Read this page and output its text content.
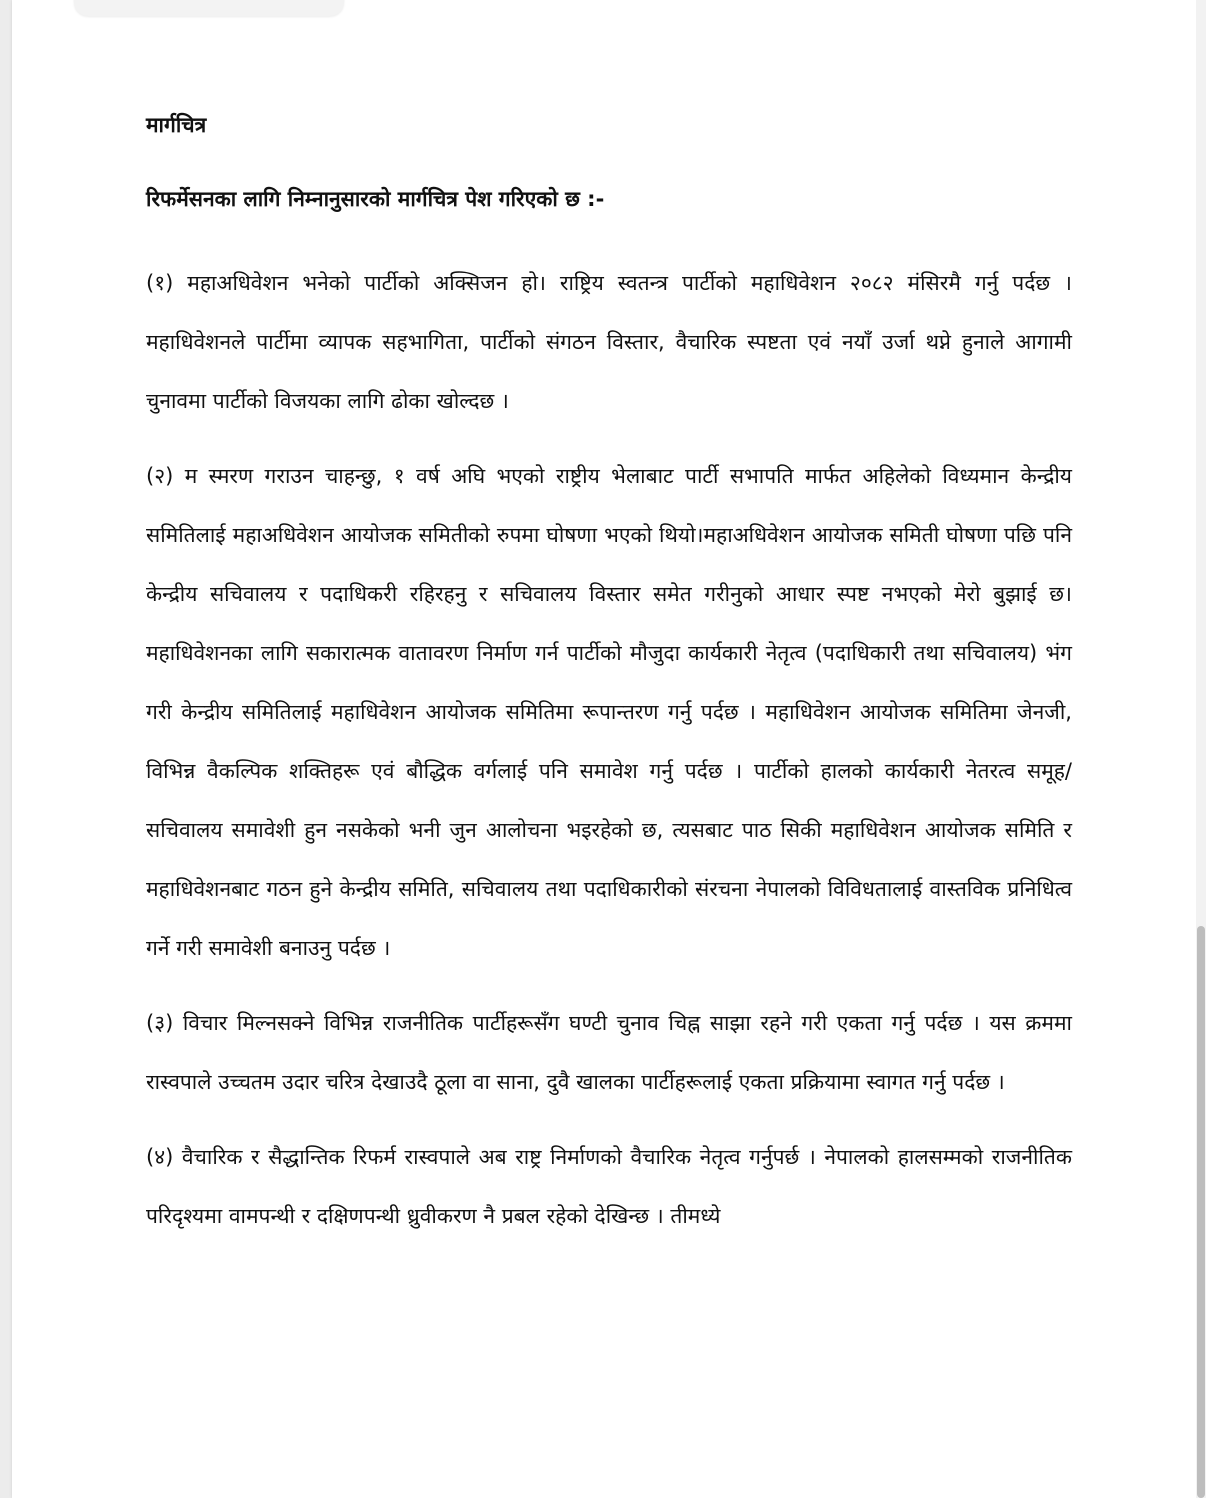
मार्गचित्र

रिफर्मेसनका लागि निम्नानुसारको मार्गचित्र पेश गरिएको छ :-

(१) महाअधिवेशन भनेको पार्टीको अक्सिजन हो। राष्ट्रिय स्वतन्त्र पार्टीको महाधिवेशन २०८२ मंसिरमै गर्नु पर्दछ । महाधिवेशनले पार्टीमा व्यापक सहभागिता, पार्टीको संगठन विस्तार, वैचारिक स्पष्टता एवं नयाँ उर्जा थप्ने हुनाले आगामी चुनावमा पार्टीको विजयका लागि ढोका खोल्दछ ।

(२) म स्मरण गराउन चाहन्छु, १ वर्ष अघि भएको राष्ट्रीय भेलाबाट पार्टी सभापति मार्फत अहिलेको विध्यमान केन्द्रीय समितिलाई महाअधिवेशन आयोजक समितीको रुपमा घोषणा भएको थियो।महाअधिवेशन आयोजक समिती घोषणा पछि पनि केन्द्रीय सचिवालय र पदाधिकरी रहिरहनु र सचिवालय विस्तार समेत गरीनुको आधार स्पष्ट नभएको मेरो बुझाई छ। महाधिवेशनका लागि सकारात्मक वातावरण निर्माण गर्न पार्टीको मौजुदा कार्यकारी नेतृत्व (पदाधिकारी तथा सचिवालय) भंग गरी केन्द्रीय समितिलाई महाधिवेशन आयोजक समितिमा रूपान्तरण गर्नु पर्दछ । महाधिवेशन आयोजक समितिमा जेनजी, विभिन्न वैकल्पिक शक्तिहरू एवं बौद्धिक वर्गलाई पनि समावेश गर्नु पर्दछ । पार्टीको हालको कार्यकारी नेतरत्व समूह/ सचिवालय समावेशी हुन नसकेको भनी जुन आलोचना भइरहेको छ, त्यसबाट पाठ सिकी महाधिवेशन आयोजक समिति र महाधिवेशनबाट गठन हुने केन्द्रीय समिति, सचिवालय तथा पदाधिकारीको संरचना नेपालको विविधतालाई वास्तविक प्रनिधित्व गर्ने गरी समावेशी बनाउनु पर्दछ ।

(३) विचार मिल्नसक्ने विभिन्न राजनीतिक पार्टीहरूसँग घण्टी चुनाव चिह्न साझा रहने गरी एकता गर्नु पर्दछ । यस क्रममा रास्वपाले उच्चतम उदार चरित्र देखाउदै ठूला वा साना, दुवै खालका पार्टीहरूलाई एकता प्रक्रियामा स्वागत गर्नु पर्दछ ।

(४) वैचारिक र सैद्धान्तिक रिफर्म रास्वपाले अब राष्ट्र निर्माणको वैचारिक नेतृत्व गर्नुपर्छ । नेपालको हालसम्मको राजनीतिक परिदृश्यमा वामपन्थी र दक्षिणपन्थी ध्रुवीकरण नै प्रबल रहेको देखिन्छ । तीमध्ये
